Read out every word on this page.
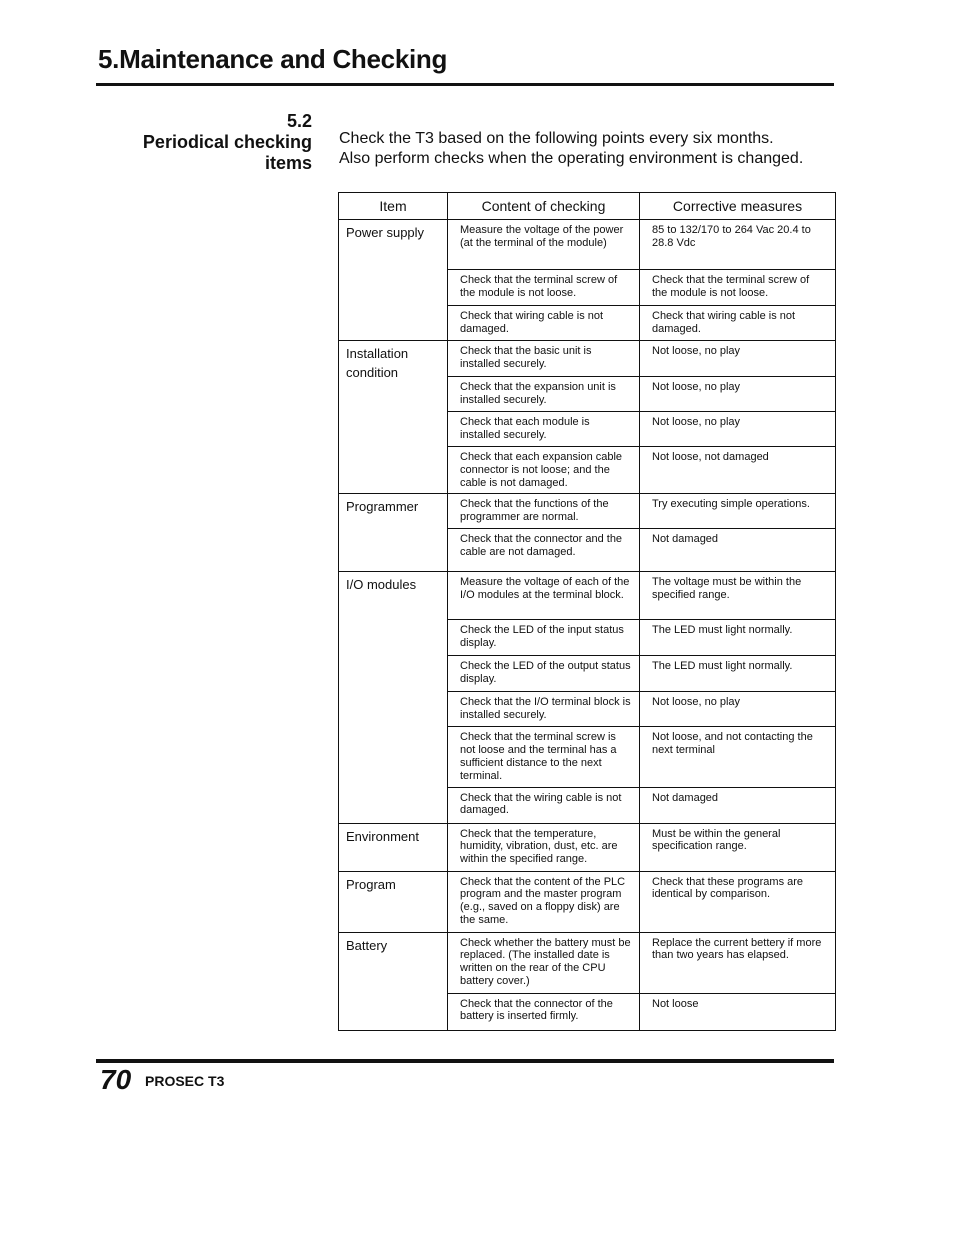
5.Maintenance and Checking
5.2
Periodical checking
items
Check the T3 based on the following points every six months.
Also perform checks when the operating environment is changed.
Item	Content of checking	Corrective measures
Power supply	Measure the voltage of the power (at the terminal of the module)	85 to 132/170 to 264 Vac 20.4 to 28.8 Vdc
	Check that the terminal screw of the module is not loose.	Check that the terminal screw of the module is not loose.
	Check that wiring cable is not damaged.	Check that wiring cable is not damaged.
Installation condition	Check that the basic unit is installed securely.	Not loose, no play
	Check that the expansion unit is installed securely.	Not loose, no play
	Check that each module is installed securely.	Not loose, no play
	Check that each expansion cable connector is not loose; and the cable is not damaged.	Not loose, not damaged
Programmer	Check that the functions of the programmer are normal.	Try executing simple operations.
	Check that the connector and the cable are not damaged.	Not damaged
I/O modules	Measure the voltage of each of the I/O modules at the terminal block.	The voltage must be within the specified range.
	Check the LED of the input status display.	The LED must light normally.
	Check the LED of the output status display.	The LED must light normally.
	Check that the I/O terminal block is installed securely.	Not loose, no play
	Check that the terminal screw is not loose and the terminal has a sufficient distance to the next terminal.	Not loose, and not contacting the next terminal
	Check that the wiring cable is not damaged.	Not damaged
Environment	Check that the temperature, humidity, vibration, dust, etc. are within the specified range.	Must be within the general specification range.
Program	Check that the content of the PLC program and the master program (e.g., saved on a floppy disk) are the same.	Check that these programs are identical by comparison.
Battery	Check whether the battery must be replaced. (The installed date is written on the rear of the CPU battery cover.)	Replace the current bettery if more than two years has elapsed.
	Check that the connector of the battery is inserted firmly.	Not loose
70 PROSEC T3
